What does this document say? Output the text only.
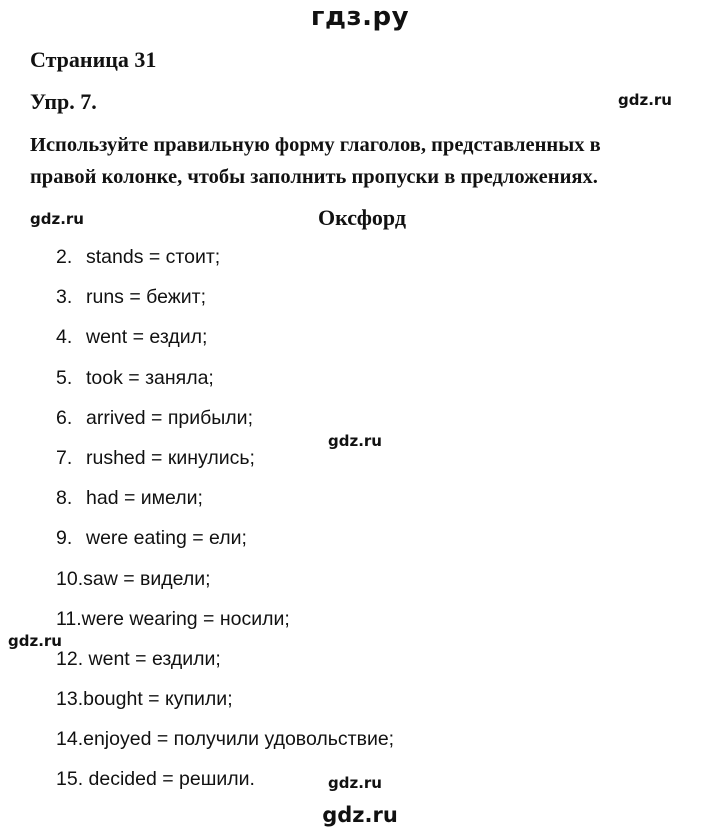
гдз.ру
Страница 31
Упр. 7.	gdz.ru
Используйте правильную форму глаголов, представленных в
правой колонке, чтобы заполнить пропуски в предложениях.
gdz.ru	Оксфорд
2. stands = стоит;
3. runs = бежит;
4. went = ездил;
5. took = заняла;
6. arrived = прибыли;
7. rushed = кинулись;
8. had = имели;
9. were eating = ели;
10.saw = видели;
11.were wearing = носили;
12. went = ездили;
13.bought = купили;
14.enjoyed = получили удовольствие;
15. decided = решили.
gdz.ru
gdz.ru
gdz.ru
gdz.ru
